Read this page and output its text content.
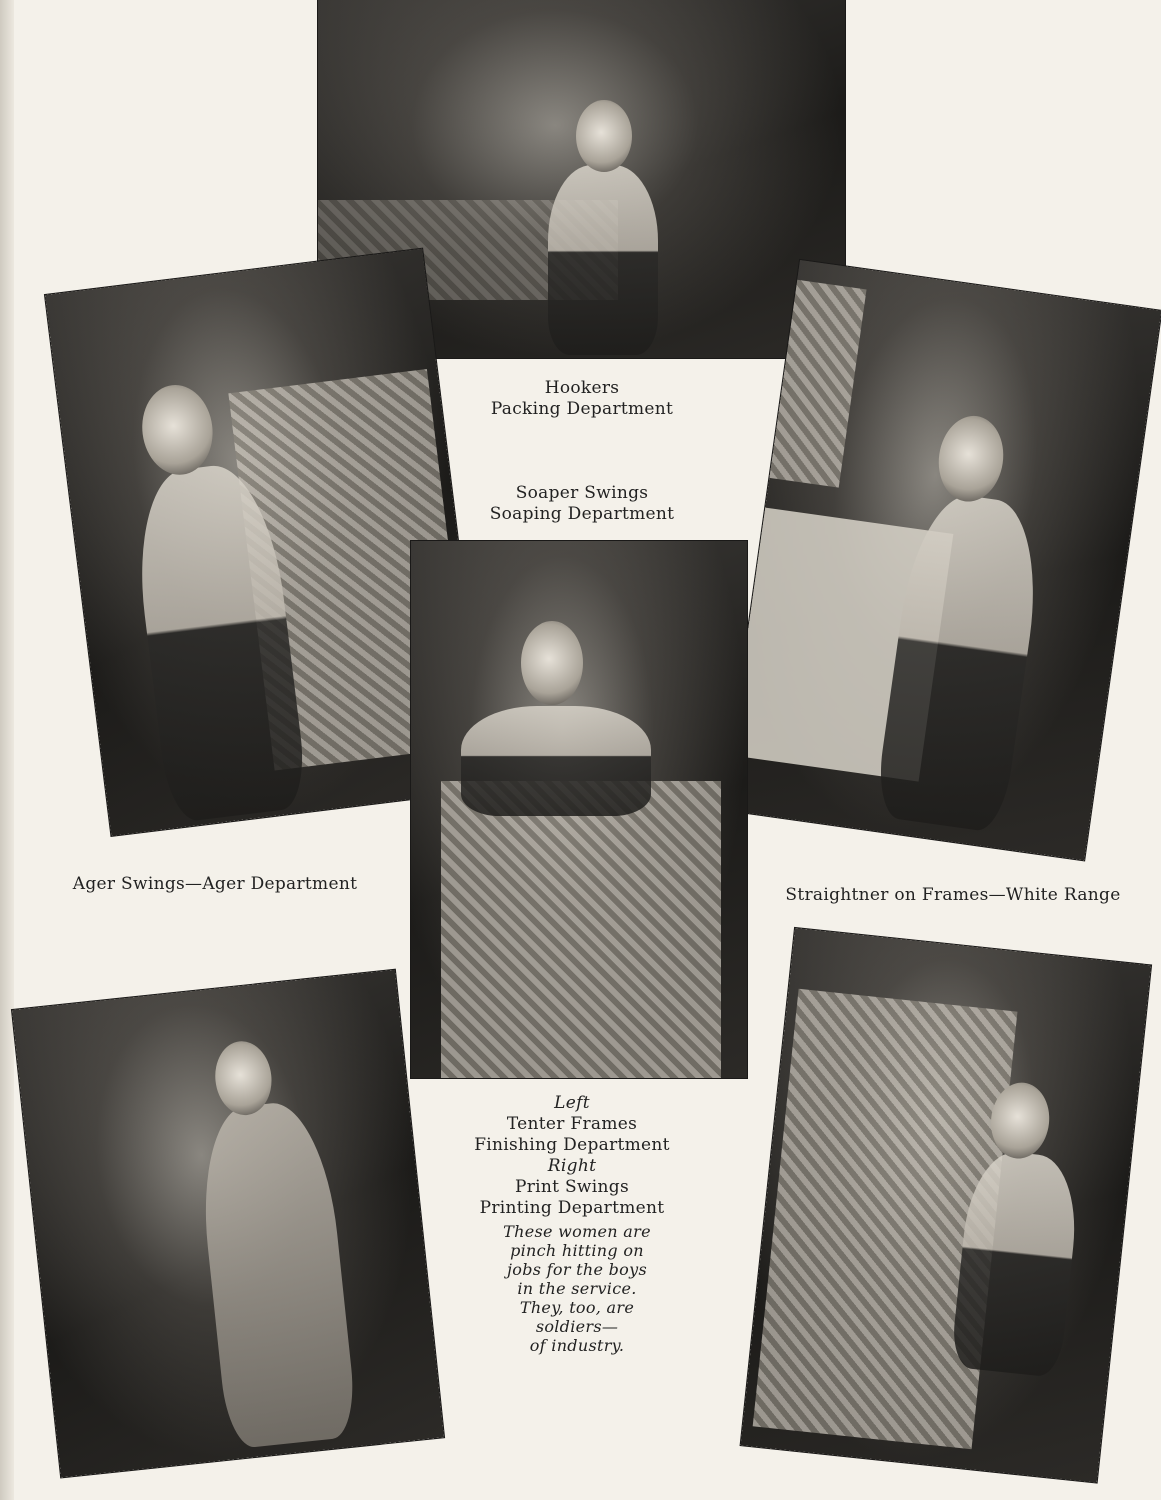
Hookers
Packing Department
Soaper Swings
Soaping Department
Ager Swings—Ager Department
Straightner on Frames—White Range
Left
Tenter Frames
Finishing Department
Right
Print Swings
Printing Department
These women are
pinch hitting on
jobs for the boys
in the service.
They, too, are
soldiers—
of industry.
